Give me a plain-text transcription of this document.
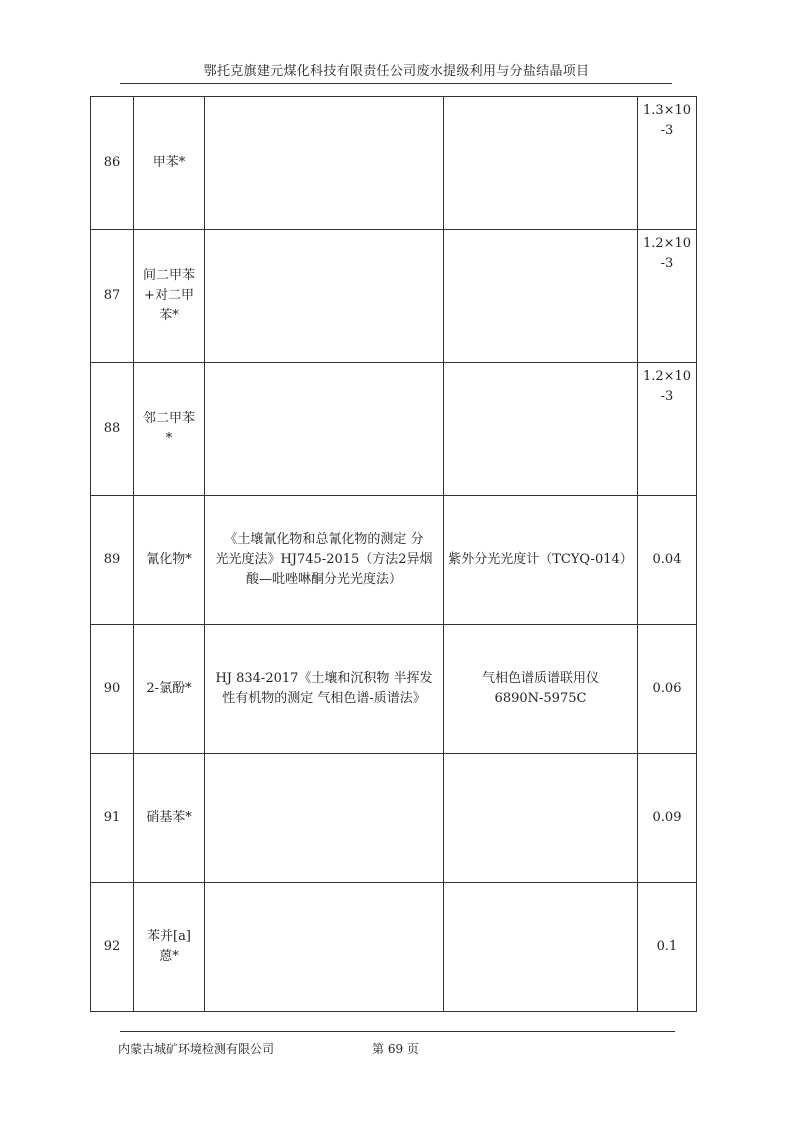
鄂托克旗建元煤化科技有限责任公司废水提级利用与分盐结晶项目
86	甲苯*			1.3×10
-3
87	间二甲苯
+对二甲
苯*			1.2×10
-3
88	邻二甲苯
*			1.2×10
-3
89	氰化物*	《土壤氰化物和总氰化物的测定 分
光光度法》HJ745-2015（方法2异烟
酸—吡唑啉酮分光光度法）	紫外分光光度计（TCYQ-014）	0.04
90	2-氯酚*	HJ 834-2017《土壤和沉积物 半挥发
性有机物的测定 气相色谱-质谱法》	气相色谱质谱联用仪
6890N-5975C	0.06
91	硝基苯*			0.09
92	苯并[a]
蒽*			0.1
内蒙古城矿环境检测有限公司	第 69 页
